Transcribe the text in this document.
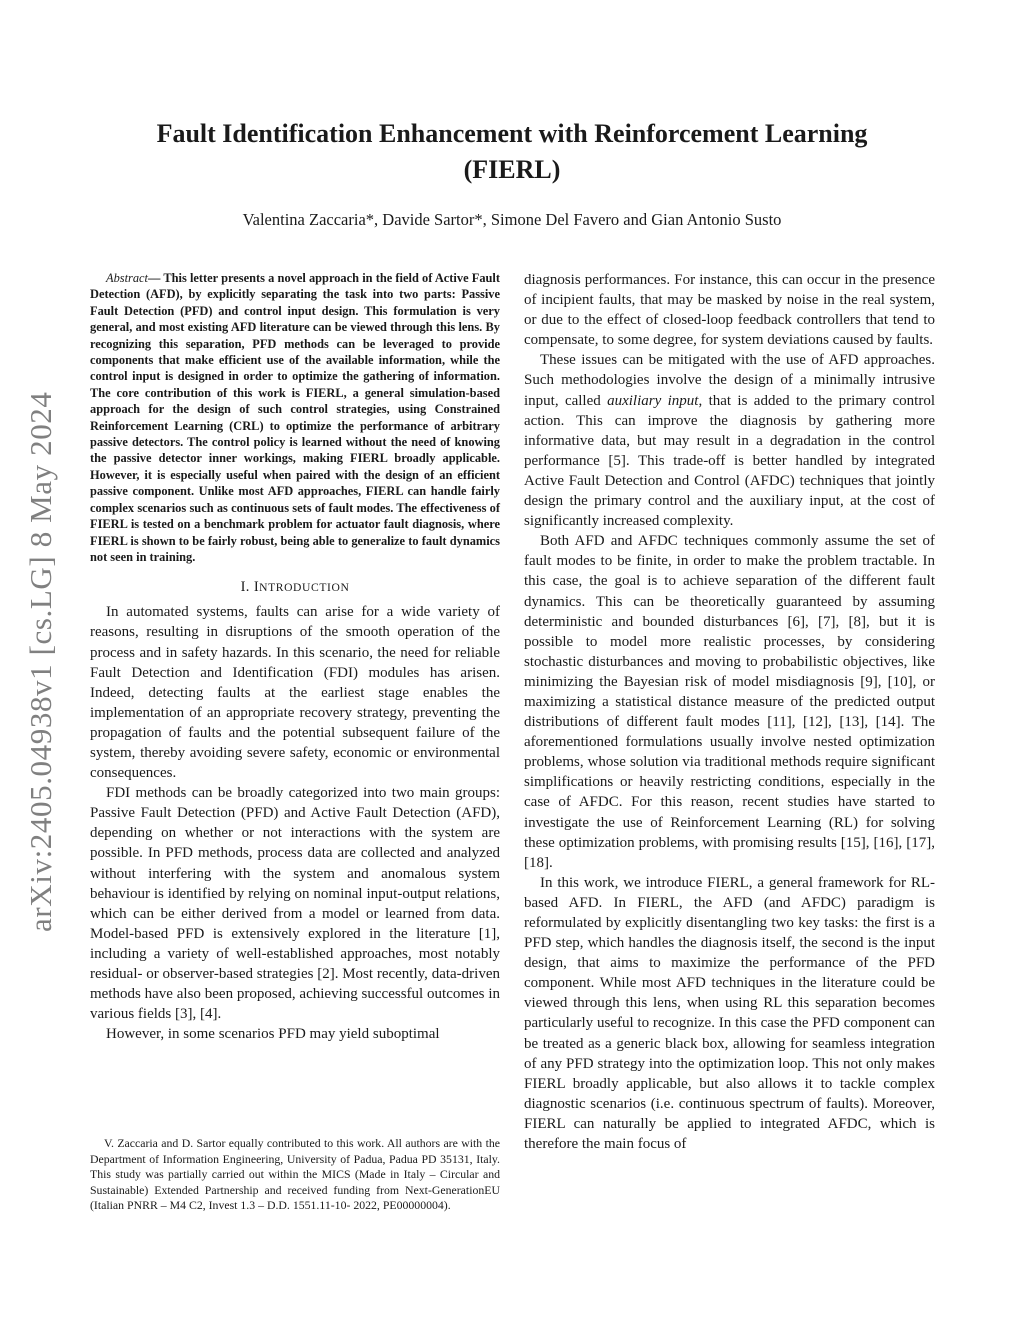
Fault Identification Enhancement with Reinforcement Learning
(FIERL)

Valentina Zaccaria*, Davide Sartor*, Simone Del Favero and Gian Antonio Susto

arXiv:2405.04938v1 [cs.LG] 8 May 2024

Abstract— This letter presents a novel approach in the field of Active Fault Detection (AFD), by explicitly separating the task into two parts: Passive Fault Detection (PFD) and control input design. This formulation is very general, and most existing AFD literature can be viewed through this lens. By recognizing this separation, PFD methods can be leveraged to provide components that make efficient use of the available information, while the control input is designed in order to optimize the gathering of information. The core contribution of this work is FIERL, a general simulation-based approach for the design of such control strategies, using Constrained Reinforcement Learning (CRL) to optimize the performance of arbitrary passive detectors. The control policy is learned without the need of knowing the passive detector inner workings, making FIERL broadly applicable. However, it is especially useful when paired with the design of an efficient passive component. Unlike most AFD approaches, FIERL can handle fairly complex scenarios such as continuous sets of fault modes. The effectiveness of FIERL is tested on a benchmark problem for actuator fault diagnosis, where FIERL is shown to be fairly robust, being able to generalize to fault dynamics not seen in training.

I. INTRODUCTION

In automated systems, faults can arise for a wide variety of reasons, resulting in disruptions of the smooth operation of the process and in safety hazards. In this scenario, the need for reliable Fault Detection and Identification (FDI) modules has arisen. Indeed, detecting faults at the earliest stage enables the implementation of an appropriate recovery strategy, preventing the propagation of faults and the potential subsequent failure of the system, thereby avoiding severe safety, economic or environmental consequences.

FDI methods can be broadly categorized into two main groups: Passive Fault Detection (PFD) and Active Fault Detection (AFD), depending on whether or not interactions with the system are possible. In PFD methods, process data are collected and analyzed without interfering with the system and anomalous system behaviour is identified by relying on nominal input-output relations, which can be either derived from a model or learned from data. Model-based PFD is extensively explored in the literature [1], including a variety of well-established approaches, most notably residual- or observer-based strategies [2]. Most recently, data-driven methods have also been proposed, achieving successful outcomes in various fields [3], [4].

However, in some scenarios PFD may yield suboptimal

V. Zaccaria and D. Sartor equally contributed to this work. All authors are with the Department of Information Engineering, University of Padua, Padua PD 35131, Italy. This study was partially carried out within the MICS (Made in Italy – Circular and Sustainable) Extended Partnership and received funding from Next-GenerationEU (Italian PNRR – M4 C2, Invest 1.3 – D.D. 1551.11-10- 2022, PE00000004).

diagnosis performances. For instance, this can occur in the presence of incipient faults, that may be masked by noise in the real system, or due to the effect of closed-loop feedback controllers that tend to compensate, to some degree, for system deviations caused by faults.

These issues can be mitigated with the use of AFD approaches. Such methodologies involve the design of a minimally intrusive input, called auxiliary input, that is added to the primary control action. This can improve the diagnosis by gathering more informative data, but may result in a degradation in the control performance [5]. This trade-off is better handled by integrated Active Fault Detection and Control (AFDC) techniques that jointly design the primary control and the auxiliary input, at the cost of significantly increased complexity.

Both AFD and AFDC techniques commonly assume the set of fault modes to be finite, in order to make the problem tractable. In this case, the goal is to achieve separation of the different fault dynamics. This can be theoretically guaranteed by assuming deterministic and bounded disturbances [6], [7], [8], but it is possible to model more realistic processes, by considering stochastic disturbances and moving to probabilistic objectives, like minimizing the Bayesian risk of model misdiagnosis [9], [10], or maximizing a statistical distance measure of the predicted output distributions of different fault modes [11], [12], [13], [14]. The aforementioned formulations usually involve nested optimization problems, whose solution via traditional methods require significant simplifications or heavily restricting conditions, especially in the case of AFDC. For this reason, recent studies have started to investigate the use of Reinforcement Learning (RL) for solving these optimization problems, with promising results [15], [16], [17], [18].

In this work, we introduce FIERL, a general framework for RL-based AFD. In FIERL, the AFD (and AFDC) paradigm is reformulated by explicitly disentangling two key tasks: the first is a PFD step, which handles the diagnosis itself, the second is the input design, that aims to maximize the performance of the PFD component. While most AFD techniques in the literature could be viewed through this lens, when using RL this separation becomes particularly useful to recognize. In this case the PFD component can be treated as a generic black box, allowing for seamless integration of any PFD strategy into the optimization loop. This not only makes FIERL broadly applicable, but also allows it to tackle complex diagnostic scenarios (i.e. continuous spectrum of faults). Moreover, FIERL can naturally be applied to integrated AFDC, which is therefore the main focus of
